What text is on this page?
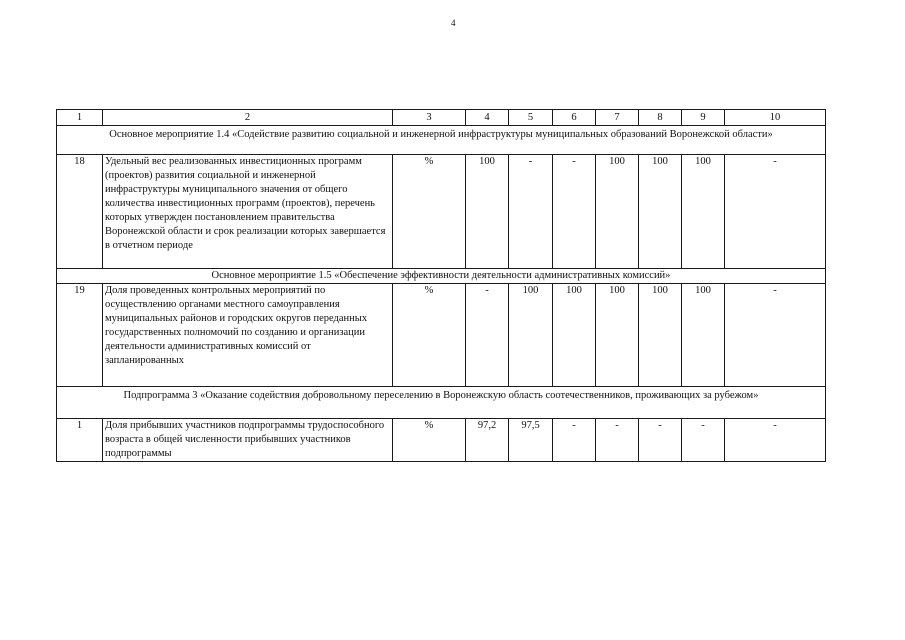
4
1	2	3	4	5	6	7	8	9	10
Основное мероприятие 1.4 «Содействие развитию социальной и инженерной инфраструктуры муниципальных образований Воронежской области»									
18	Удельный вес реализованных инвестиционных программ (проектов) развития социальной и инженерной инфраструктуры муниципального значения от общего количества инвестиционных программ (проектов), перечень которых утвержден постановлением правительства Воронежской области и срок реализации которых завершается в отчетном периоде	%	100	-	-	100	100	100	-
Основное мероприятие 1.5 «Обеспечение эффективности деятельности административных комиссий»									
19	Доля проведенных контрольных мероприятий по осуществлению органами местного самоуправления муниципальных районов и городских округов переданных государственных полномочий по созданию и организации деятельности административных комиссий от запланированных	%	-	100	100	100	100	100	-
Подпрограмма 3 «Оказание содействия добровольному переселению в Воронежскую область соотечественников, проживающих за рубежом»									
1	Доля прибывших участников подпрограммы трудоспособного возраста в общей численности прибывших участников подпрограммы	%	97,2	97,5	-	-	-	-	-
